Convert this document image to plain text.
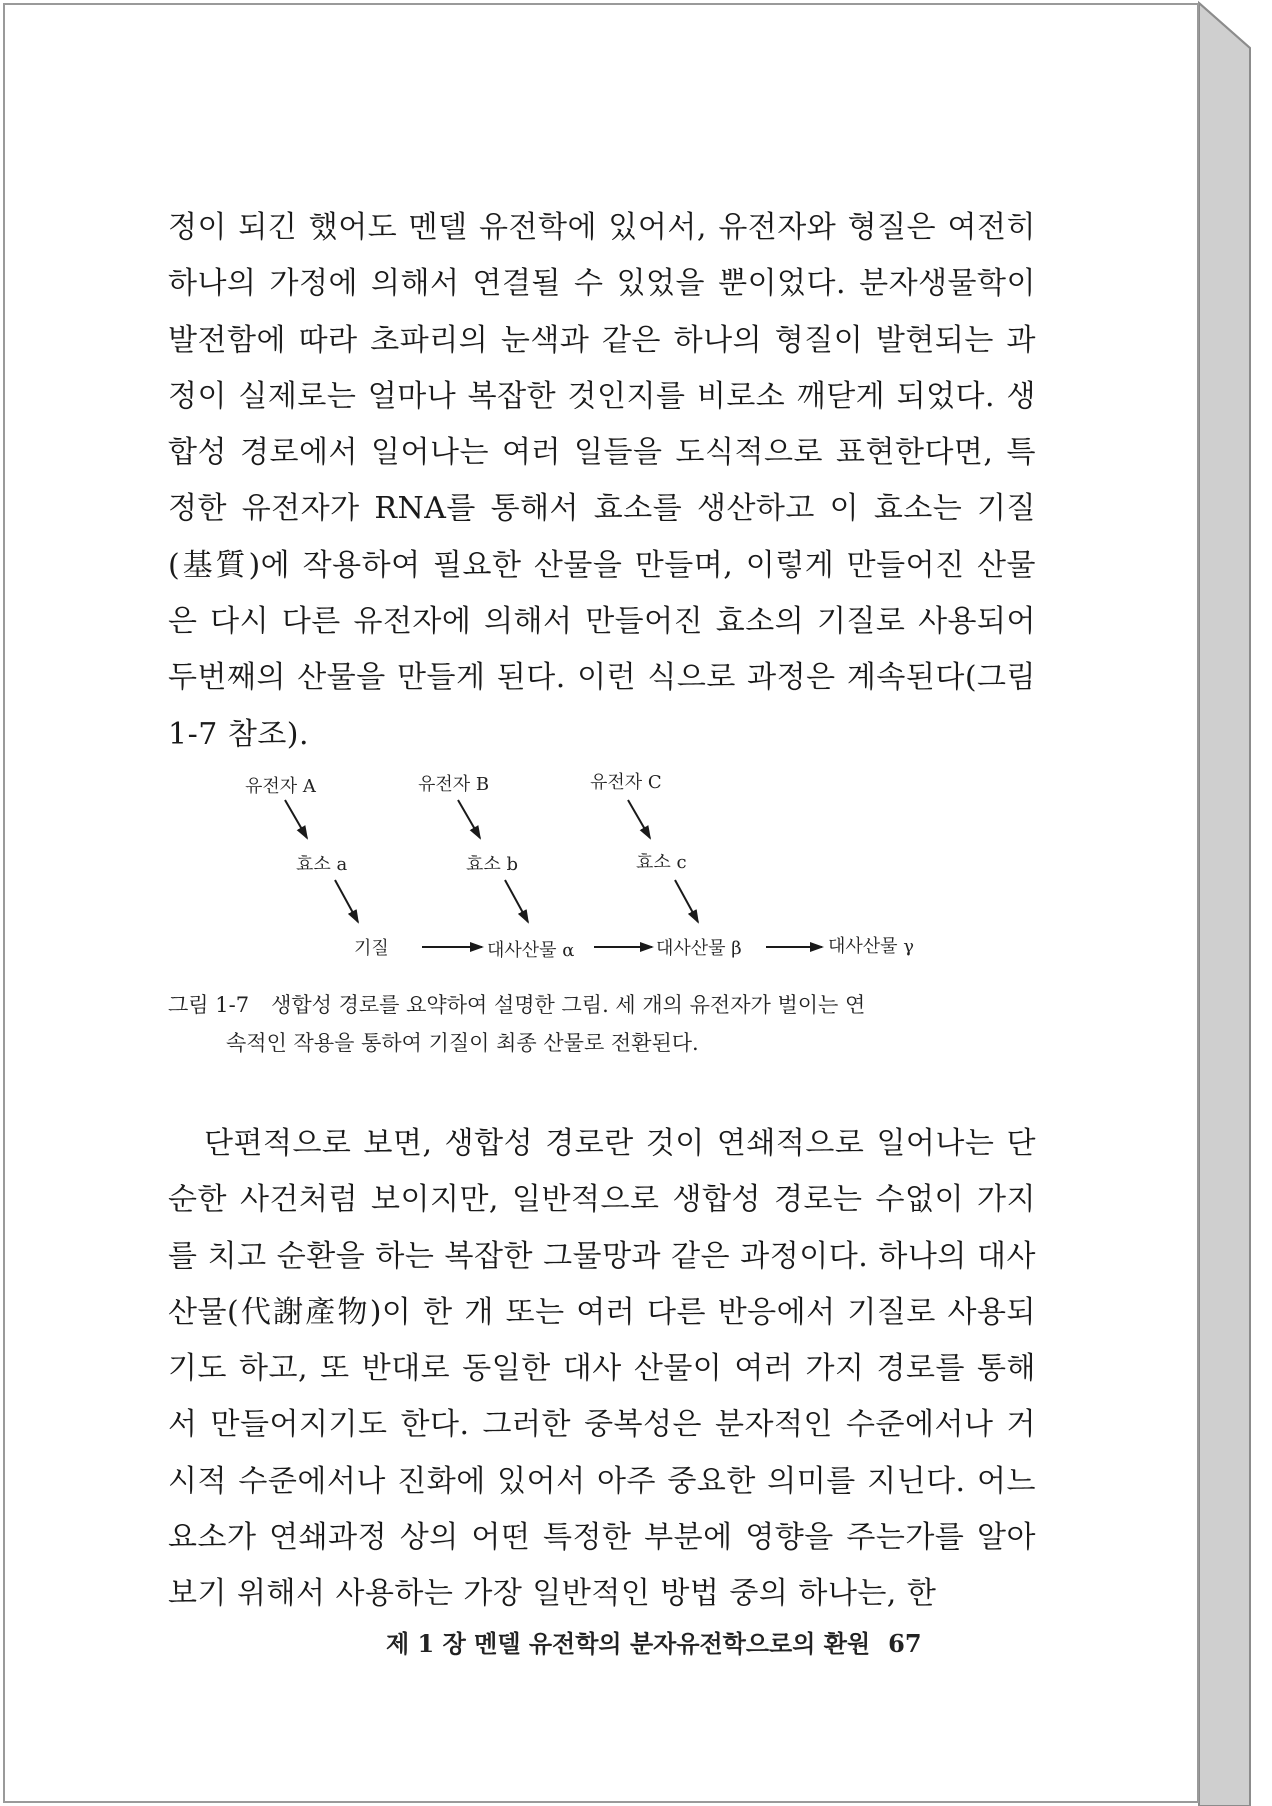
정이 되긴 했어도 멘델 유전학에 있어서, 유전자와 형질은 여전히 하나의 가정에 의해서 연결될 수 있었을 뿐이었다. 분자생물학이 발전함에 따라 초파리의 눈색과 같은 하나의 형질이 발현되는 과정이 실제로는 얼마나 복잡한 것인지를 비로소 깨닫게 되었다. 생합성 경로에서 일어나는 여러 일들을 도식적으로 표현한다면, 특정한 유전자가 RNA를 통해서 효소를 생산하고 이 효소는 기질(基質)에 작용하여 필요한 산물을 만들며, 이렇게 만들어진 산물은 다시 다른 유전자에 의해서 만들어진 효소의 기질로 사용되어 두번째의 산물을 만들게 된다. 이런 식으로 과정은 계속된다(그림 1-7 참조).

유전자 A	유전자 B	유전자 C
효소 a	효소 b	효소 c
기질	대사산물 α	대사산물 β	대사산물 γ

그림 1-7 생합성 경로를 요약하여 설명한 그림. 세 개의 유전자가 벌이는 연
속적인 작용을 통하여 기질이 최종 산물로 전환된다.

단편적으로 보면, 생합성 경로란 것이 연쇄적으로 일어나는 단순한 사건처럼 보이지만, 일반적으로 생합성 경로는 수없이 가지를 치고 순환을 하는 복잡한 그물망과 같은 과정이다. 하나의 대사 산물(代謝產物)이 한 개 또는 여러 다른 반응에서 기질로 사용되기도 하고, 또 반대로 동일한 대사 산물이 여러 가지 경로를 통해서 만들어지기도 한다. 그러한 중복성은 분자적인 수준에서나 거시적 수준에서나 진화에 있어서 아주 중요한 의미를 지닌다. 어느 요소가 연쇄과정 상의 어떤 특정한 부분에 영향을 주는가를 알아보기 위해서 사용하는 가장 일반적인 방법 중의 하나는, 한

제 1 장 멘델 유전학의 분자유전학으로의 환원 67
